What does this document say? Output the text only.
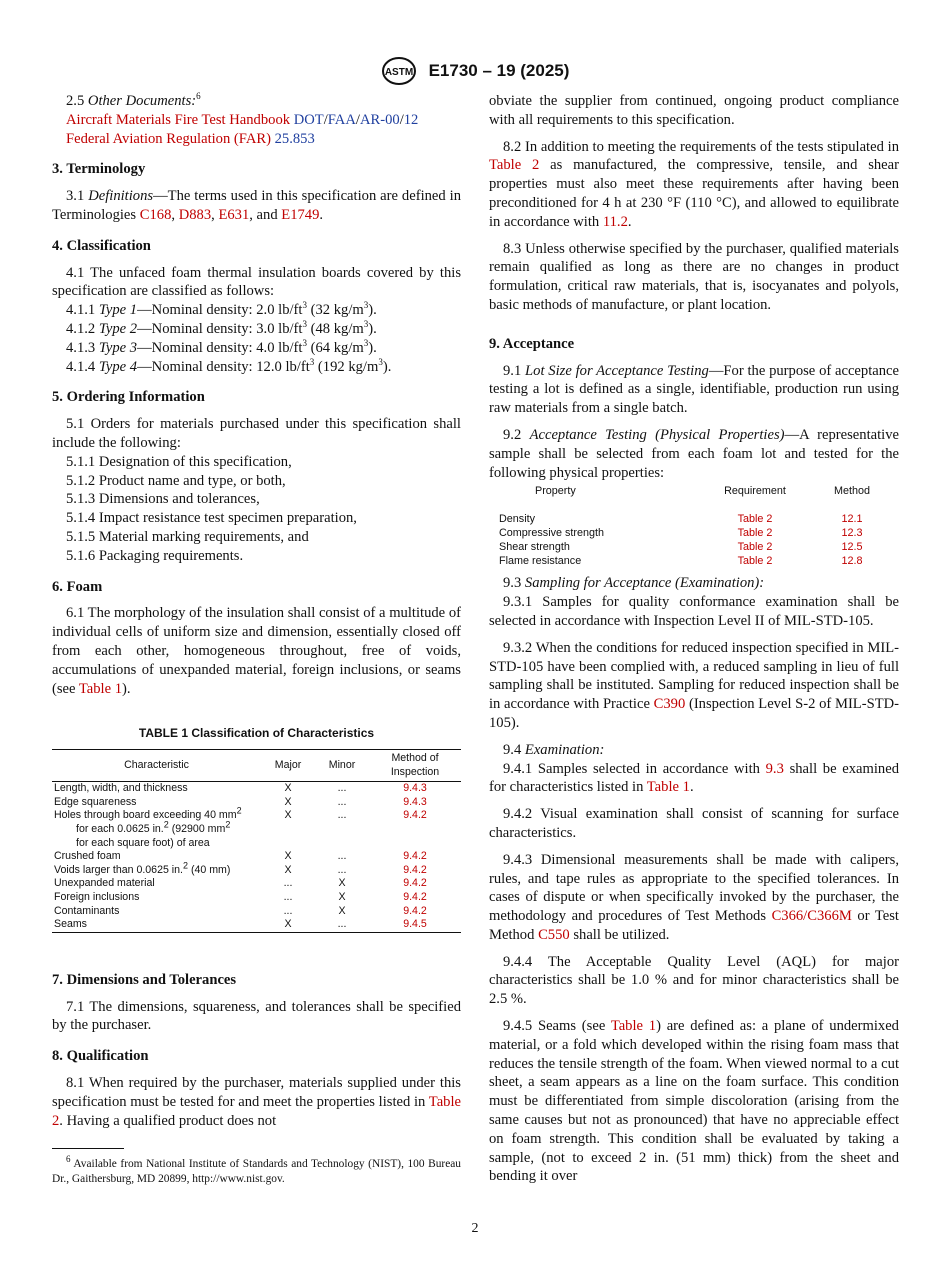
ASTM E1730 – 19 (2025)

2.5 Other Documents:$^6$

Aircraft Materials Fire Test Handbook DOT/FAA/AR-00/12

Federal Aviation Regulation (FAR) 25.853

3. Terminology

3.1 Definitions—The terms used in this specification are defined in Terminologies C168, D883, E631, and E1749.

4. Classification

4.1 The unfaced foam thermal insulation boards covered by this specification are classified as follows:

4.1.1 Type 1—Nominal density: 2.0 $lb/ft^3$ (32 $kg/m^3$).

4.1.2 Type 2—Nominal density: 3.0 $lb/ft^3$ (48 $kg/m^3$).

4.1.3 Type 3—Nominal density: 4.0 $lb/ft^3$ (64 $kg/m^3$).

4.1.4 Type 4—Nominal density: 12.0 $lb/ft^3$ (192 $kg/m^3$).

5. Ordering Information

5.1 Orders for materials purchased under this specification shall include the following:

5.1.1 Designation of this specification,

5.1.2 Product name and type, or both,

5.1.3 Dimensions and tolerances,

5.1.4 Impact resistance test specimen preparation,

5.1.5 Material marking requirements, and

5.1.6 Packaging requirements.

6. Foam

6.1 The morphology of the insulation shall consist of a multitude of individual cells of uniform size and dimension, essentially closed off from each other, homogeneous throughout, free of voids, accumulations of unexpanded material, foreign inclusions, or seams (see Table 1).

TABLE 1 Classification of Characteristics
Characteristic	Major	Minor	Method of Inspection
Length, width, and thickness	X	...	9.4.3
Edge squareness	X	...	9.4.3
Holes through board exceeding 40 $mm^2$
for each 0.0625 in.$^2$ (92900 $mm^2$
for each square foot) of area	X	...	9.4.2
Crushed foam	X	...	9.4.2
Voids larger than 0.0625 in.$^2$ (40 mm)	X	...	9.4.2
Unexpanded material	...	X	9.4.2
Foreign inclusions	...	X	9.4.2
Contaminants	...	X	9.4.2
Seams	X	...	9.4.5
7. Dimensions and Tolerances

7.1 The dimensions, squareness, and tolerances shall be specified by the purchaser.

8. Qualification

8.1 When required by the purchaser, materials supplied under this specification must be tested for and meet the properties listed in Table 2. Having a qualified product does not

$^6$ Available from National Institute of Standards and Technology (NIST), 100 Bureau Dr., Gaithersburg, MD 20899, http://www.nist.gov.

obviate the supplier from continued, ongoing product compliance with all requirements to this specification.

8.2 In addition to meeting the requirements of the tests stipulated in Table 2 as manufactured, the compressive, tensile, and shear properties must also meet these requirements after having been preconditioned for 4 h at 230 °F (110 °C), and allowed to equilibrate in accordance with 11.2.

8.3 Unless otherwise specified by the purchaser, qualified materials remain qualified as long as there are no changes in product formulation, critical raw materials, that is, isocyanates and polyols, basic methods of manufacture, or plant location.

9. Acceptance

9.1 Lot Size for Acceptance Testing—For the purpose of acceptance testing a lot is defined as a single, identifiable, production run using raw materials from a single batch.

9.2 Acceptance Testing (Physical Properties)—A representative sample shall be selected from each foam lot and tested for the following physical properties:

Property	Requirement	Method
Density	Table 2	12.1
Compressive strength	Table 2	12.3
Shear strength	Table 2	12.5
Flame resistance	Table 2	12.8

9.3 Sampling for Acceptance (Examination):

9.3.1 Samples for quality conformance examination shall be selected in accordance with Inspection Level II of MIL-STD-105.

9.3.2 When the conditions for reduced inspection specified in MIL-STD-105 have been complied with, a reduced sampling in lieu of full sampling shall be instituted. Sampling for reduced inspection shall be in accordance with Practice C390 (Inspection Level S-2 of MIL-STD-105).

9.4 Examination:

9.4.1 Samples selected in accordance with 9.3 shall be examined for characteristics listed in Table 1.

9.4.2 Visual examination shall consist of scanning for surface characteristics.

9.4.3 Dimensional measurements shall be made with calipers, rules, and tape rules as appropriate to the specified tolerances. In cases of dispute or when specifically invoked by the purchaser, the methodology and procedures of Test Methods C366/C366M or Test Method C550 shall be utilized.

9.4.4 The Acceptable Quality Level (AQL) for major characteristics shall be 1.0 % and for minor characteristics shall be 2.5 %.

9.4.5 Seams (see Table 1) are defined as: a plane of undermixed material, or a fold which developed within the rising foam mass that reduces the tensile strength of the foam. When viewed normal to a cut sheet, a seam appears as a line on the foam surface. This condition must be differentiated from simple discoloration (arising from the same causes but not as pronounced) that have no appreciable effect on foam strength. This condition shall be evaluated by taking a sample, (not to exceed 2 in. (51 mm) thick) from the sheet and bending it over

2
